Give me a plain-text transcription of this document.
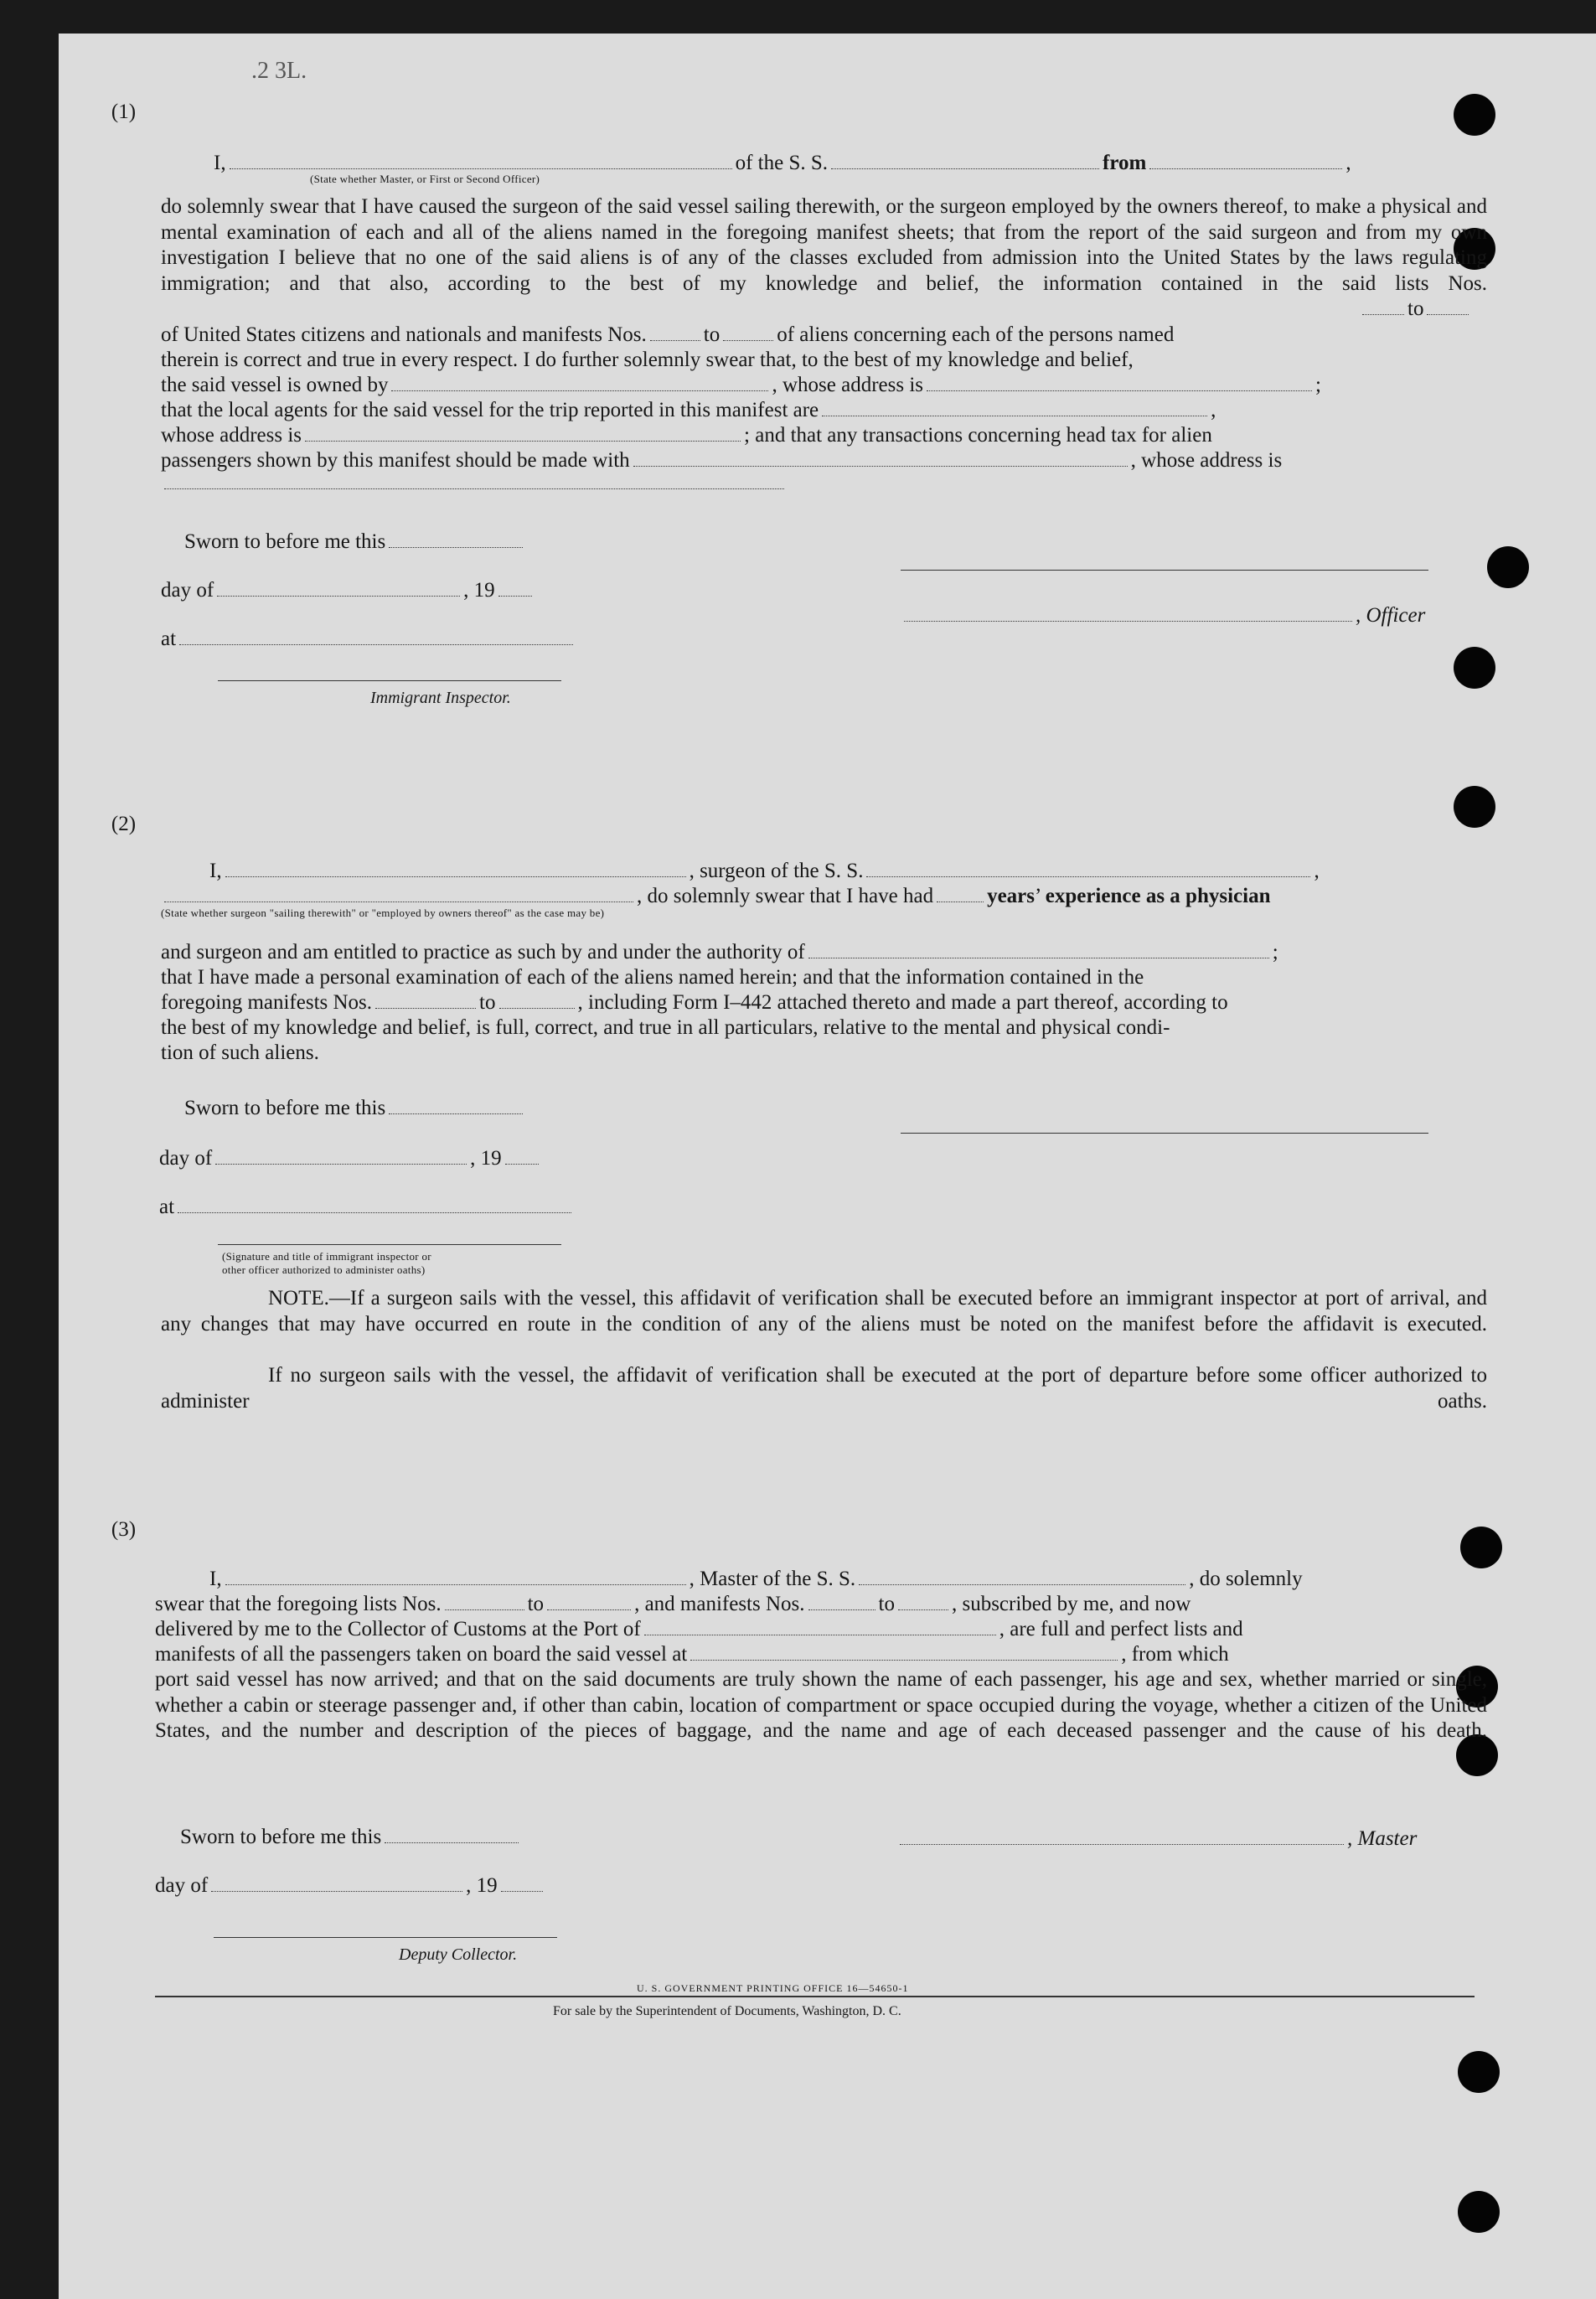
.2 3L.
(1)
I,	of the S. S.	from	,
(State whether Master, or First or Second Officer)
do solemnly swear that I have caused the surgeon of the said vessel sailing therewith, or the surgeon employed by the owners thereof, to make a physical and mental examination of each and all of the aliens named in the foregoing manifest sheets; that from the report of the said surgeon and from my own investigation I believe that no one of the said aliens is of any of the classes excluded from admission into the United States by the laws regulating immigration; and that also, according to the best of my knowledge and belief, the information contained in the said lists Nos.
to
of United States citizens and nationals and manifests Nos.	to	of aliens concerning each of the persons named
therein is correct and true in every respect. I do further solemnly swear that, to the best of my knowledge and belief,
the said vessel is owned by	, whose address is	;
that the local agents for the said vessel for the trip reported in this manifest are	,
whose address is	; and that any transactions concerning head tax for alien
passengers shown by this manifest should be made with	, whose address is
Sworn to before me this
day of	, 19
, Officer
at
Immigrant Inspector.
(2)
I,	, surgeon of the S. S.	,
, do solemnly swear that I have had	years’ experience as a physician
(State whether surgeon "sailing therewith" or "employed by owners thereof" as the case may be)
and surgeon and am entitled to practice as such by and under the authority of	;
that I have made a personal examination of each of the aliens named herein; and that the information contained in the
foregoing manifests Nos.	to	, including Form I–442 attached thereto and made a part thereof, according to
the best of my knowledge and belief, is full, correct, and true in all particulars, relative to the mental and physical condi-
tion of such aliens.
Sworn to before me this
day of	, 19
at
(Signature and title of immigrant inspector or
other officer authorized to administer oaths)
NOTE.—If a surgeon sails with the vessel, this affidavit of verification shall be executed before an immigrant inspector at port of arrival, and any changes that may have occurred en route in the condition of any of the aliens must be noted on the manifest before the affidavit is executed.
If no surgeon sails with the vessel, the affidavit of verification shall be executed at the port of departure before some officer authorized to administer oaths.
(3)
I,	, Master of the S. S.	, do solemnly
swear that the foregoing lists Nos.	to	, and manifests Nos.	to	, subscribed by me, and now
delivered by me to the Collector of Customs at the Port of	, are full and perfect lists and
manifests of all the passengers taken on board the said vessel at	, from which
port said vessel has now arrived; and that on the said documents are truly shown the name of each passenger, his age and sex, whether married or single, whether a cabin or steerage passenger and, if other than cabin, location of compartment or space occupied during the voyage, whether a citizen of the United States, and the number and description of the pieces of baggage, and the name and age of each deceased passenger and the cause of his death.
Sworn to before me this	, Master
day of	, 19
Deputy Collector.
U. S. GOVERNMENT PRINTING OFFICE 16—54650-1
For sale by the Superintendent of Documents, Washington, D. C.
